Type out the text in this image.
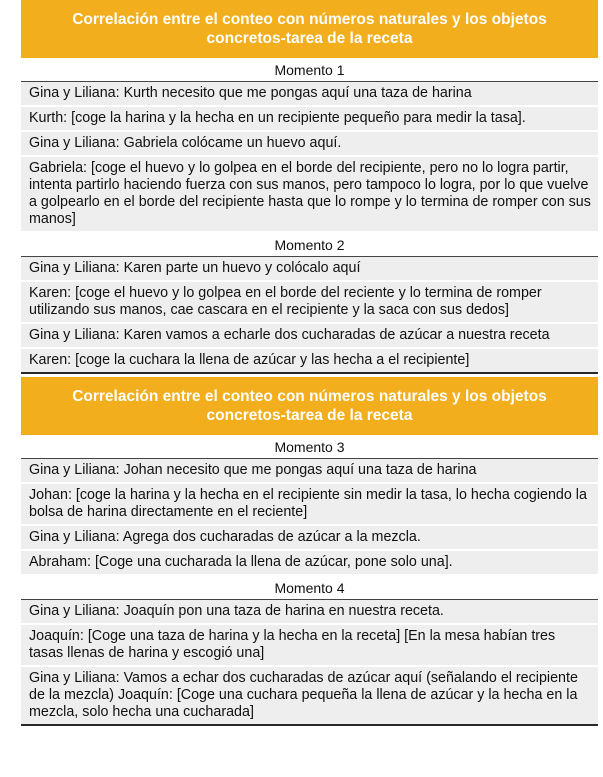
Correlación entre el conteo con números naturales y los objetos concretos-tarea de la receta
Momento 1
Gina y Liliana: Kurth necesito que me pongas aquí una taza de harina
Kurth: [coge la harina y la hecha en un recipiente pequeño para medir la tasa].
Gina y Liliana: Gabriela colócame un huevo aquí.
Gabriela: [coge el huevo y lo golpea en el borde del recipiente, pero no lo logra partir, intenta partirlo haciendo fuerza con sus manos, pero tampoco lo logra, por lo que vuelve a golpearlo en el borde del recipiente hasta que lo rompe y lo termina de romper con sus manos]
Momento 2
Gina y Liliana: Karen parte un huevo y colócalo aquí
Karen: [coge el huevo y lo golpea en el borde del reciente y lo termina de romper utilizando sus manos, cae cascara en el recipiente y la saca con sus dedos]
Gina y Liliana: Karen vamos a echarle dos cucharadas de azúcar a nuestra receta
Karen: [coge la cuchara la llena de azúcar y las hecha a el recipiente]
Correlación entre el conteo con números naturales y los objetos concretos-tarea de la receta
Momento 3
Gina y Liliana: Johan necesito que me pongas aquí una taza de harina
Johan: [coge la harina y la hecha en el recipiente sin medir la tasa, lo hecha cogiendo la bolsa de harina directamente en el reciente]
Gina y Liliana: Agrega dos cucharadas de azúcar a la mezcla.
Abraham: [Coge una cucharada la llena de azúcar, pone solo una].
Momento 4
Gina y Liliana: Joaquín pon una taza de harina en nuestra receta.
Joaquín: [Coge una taza de harina y la hecha en la receta] [En la mesa habían tres tasas llenas de harina y escogió una]
Gina y Liliana: Vamos a echar dos cucharadas de azúcar aquí (señalando el recipiente de la mezcla) Joaquín: [Coge una cuchara pequeña la llena de azúcar y la hecha en la mezcla, solo hecha una cucharada]
